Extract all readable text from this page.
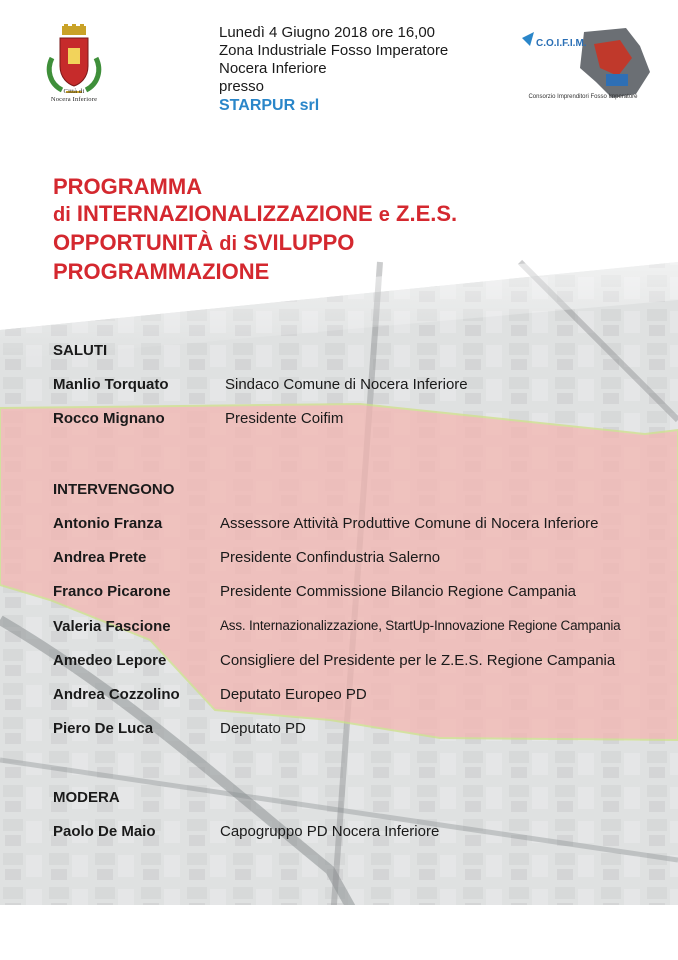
Città di
Nocera Inferiore
Lunedì 4 Giugno 2018 ore 16,00
Zona Industriale Fosso Imperatore
Nocera Inferiore
presso
STARPUR srl
C.O.I.F.I.M.
Consorzio Imprenditori Fosso Imperatore
PROGRAMMA
di INTERNAZIONALIZZAZIONE e Z.E.S.
OPPORTUNITÀ di SVILUPPO
PROGRAMMAZIONE
SALUTI
Manlio Torquato	Sindaco Comune di Nocera Inferiore
Rocco Mignano	Presidente Coifim
INTERVENGONO
Antonio Franza	Assessore Attività Produttive Comune di Nocera Inferiore
Andrea Prete	Presidente Confindustria Salerno
Franco Picarone	Presidente Commissione Bilancio Regione Campania
Valeria Fascione	Ass. Internazionalizzazione, StartUp-Innovazione Regione Campania
Amedeo Lepore	Consigliere del Presidente per le Z.E.S. Regione Campania
Andrea Cozzolino	Deputato Europeo PD
Piero De Luca	Deputato PD
MODERA
Paolo De Maio	Capogruppo PD Nocera Inferiore
